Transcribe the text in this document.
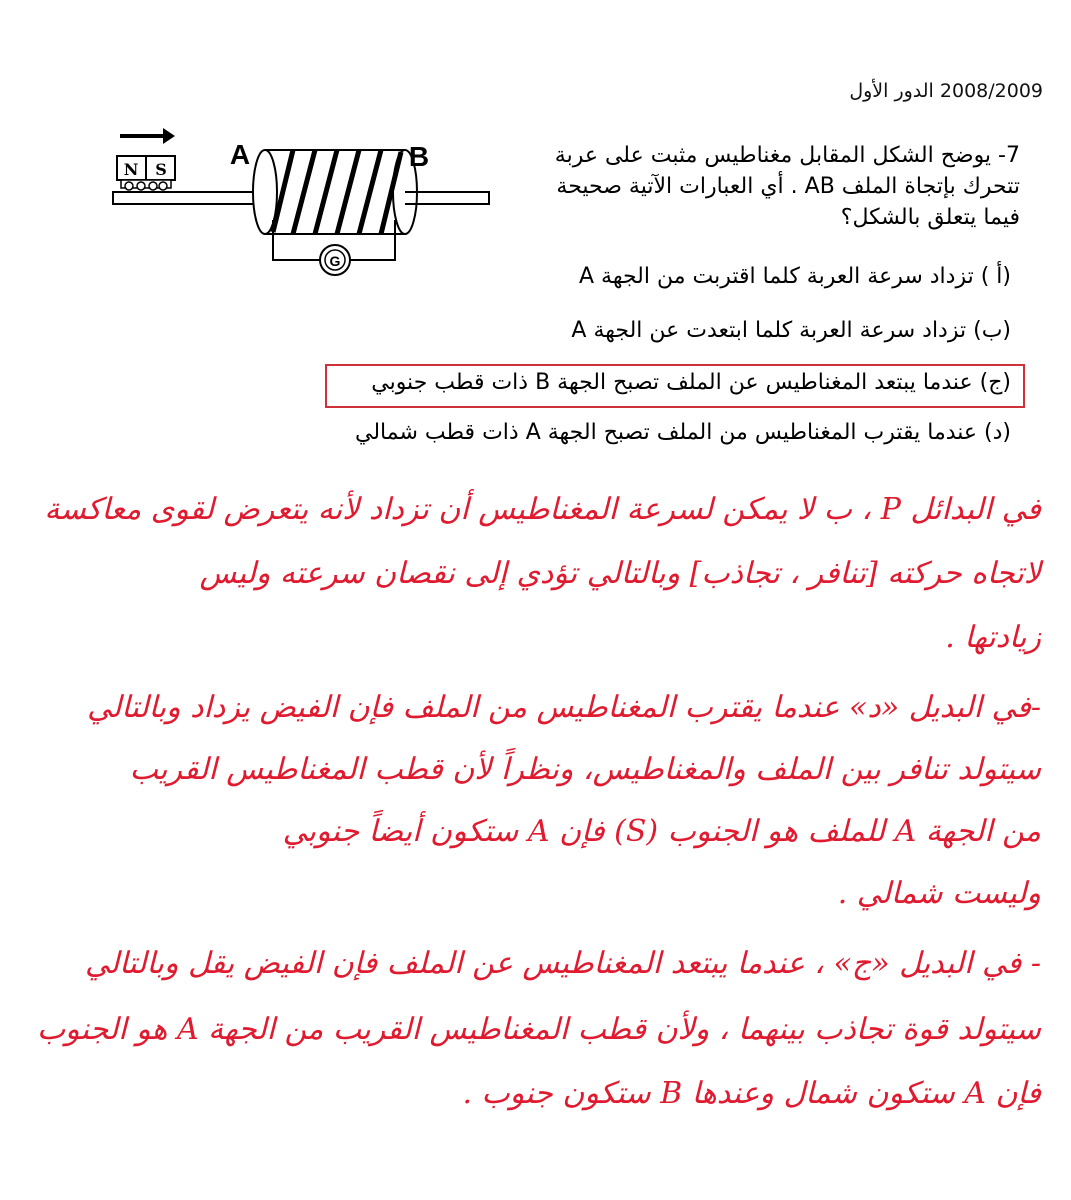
2008/2009 الدور الأول
N S A	B
G
7- يوضح الشكل المقابل مغناطيس مثبت على عربة تتحرك بإتجاة الملف AB . أي العبارات الآتية صحيحة فيما يتعلق بالشكل؟
(أ ) تزداد سرعة العربة كلما اقتربت من الجهة A
(ب) تزداد سرعة العربة كلما ابتعدت عن الجهة A
(ج) عندما يبتعد المغناطيس عن الملف تصبح الجهة B ذات قطب جنوبي
(د) عندما يقترب المغناطيس من الملف تصبح الجهة A ذات قطب شمالي
في البدائل P ، ب لا يمكن لسرعة المغناطيس أن تزداد لأنه يتعرض لقوى معاكسة
لاتجاه حركته [تنافر ، تجاذب] وبالتالي تؤدي إلى نقصان سرعته وليس
زيادتها .
-في البديل «د» عندما يقترب المغناطيس من الملف فإن الفيض يزداد وبالتالي
سيتولد تنافر بين الملف والمغناطيس، ونظراً لأن قطب المغناطيس القريب
من الجهة A للملف هو الجنوب (S) فإن A ستكون أيضاً جنوبي
وليست شمالي .
- في البديل «ج» ، عندما يبتعد المغناطيس عن الملف فإن الفيض يقل وبالتالي
سيتولد قوة تجاذب بينهما ، ولأن قطب المغناطيس القريب من الجهة A هو الجنوب
فإن A ستكون شمال وعندها B ستكون جنوب .
